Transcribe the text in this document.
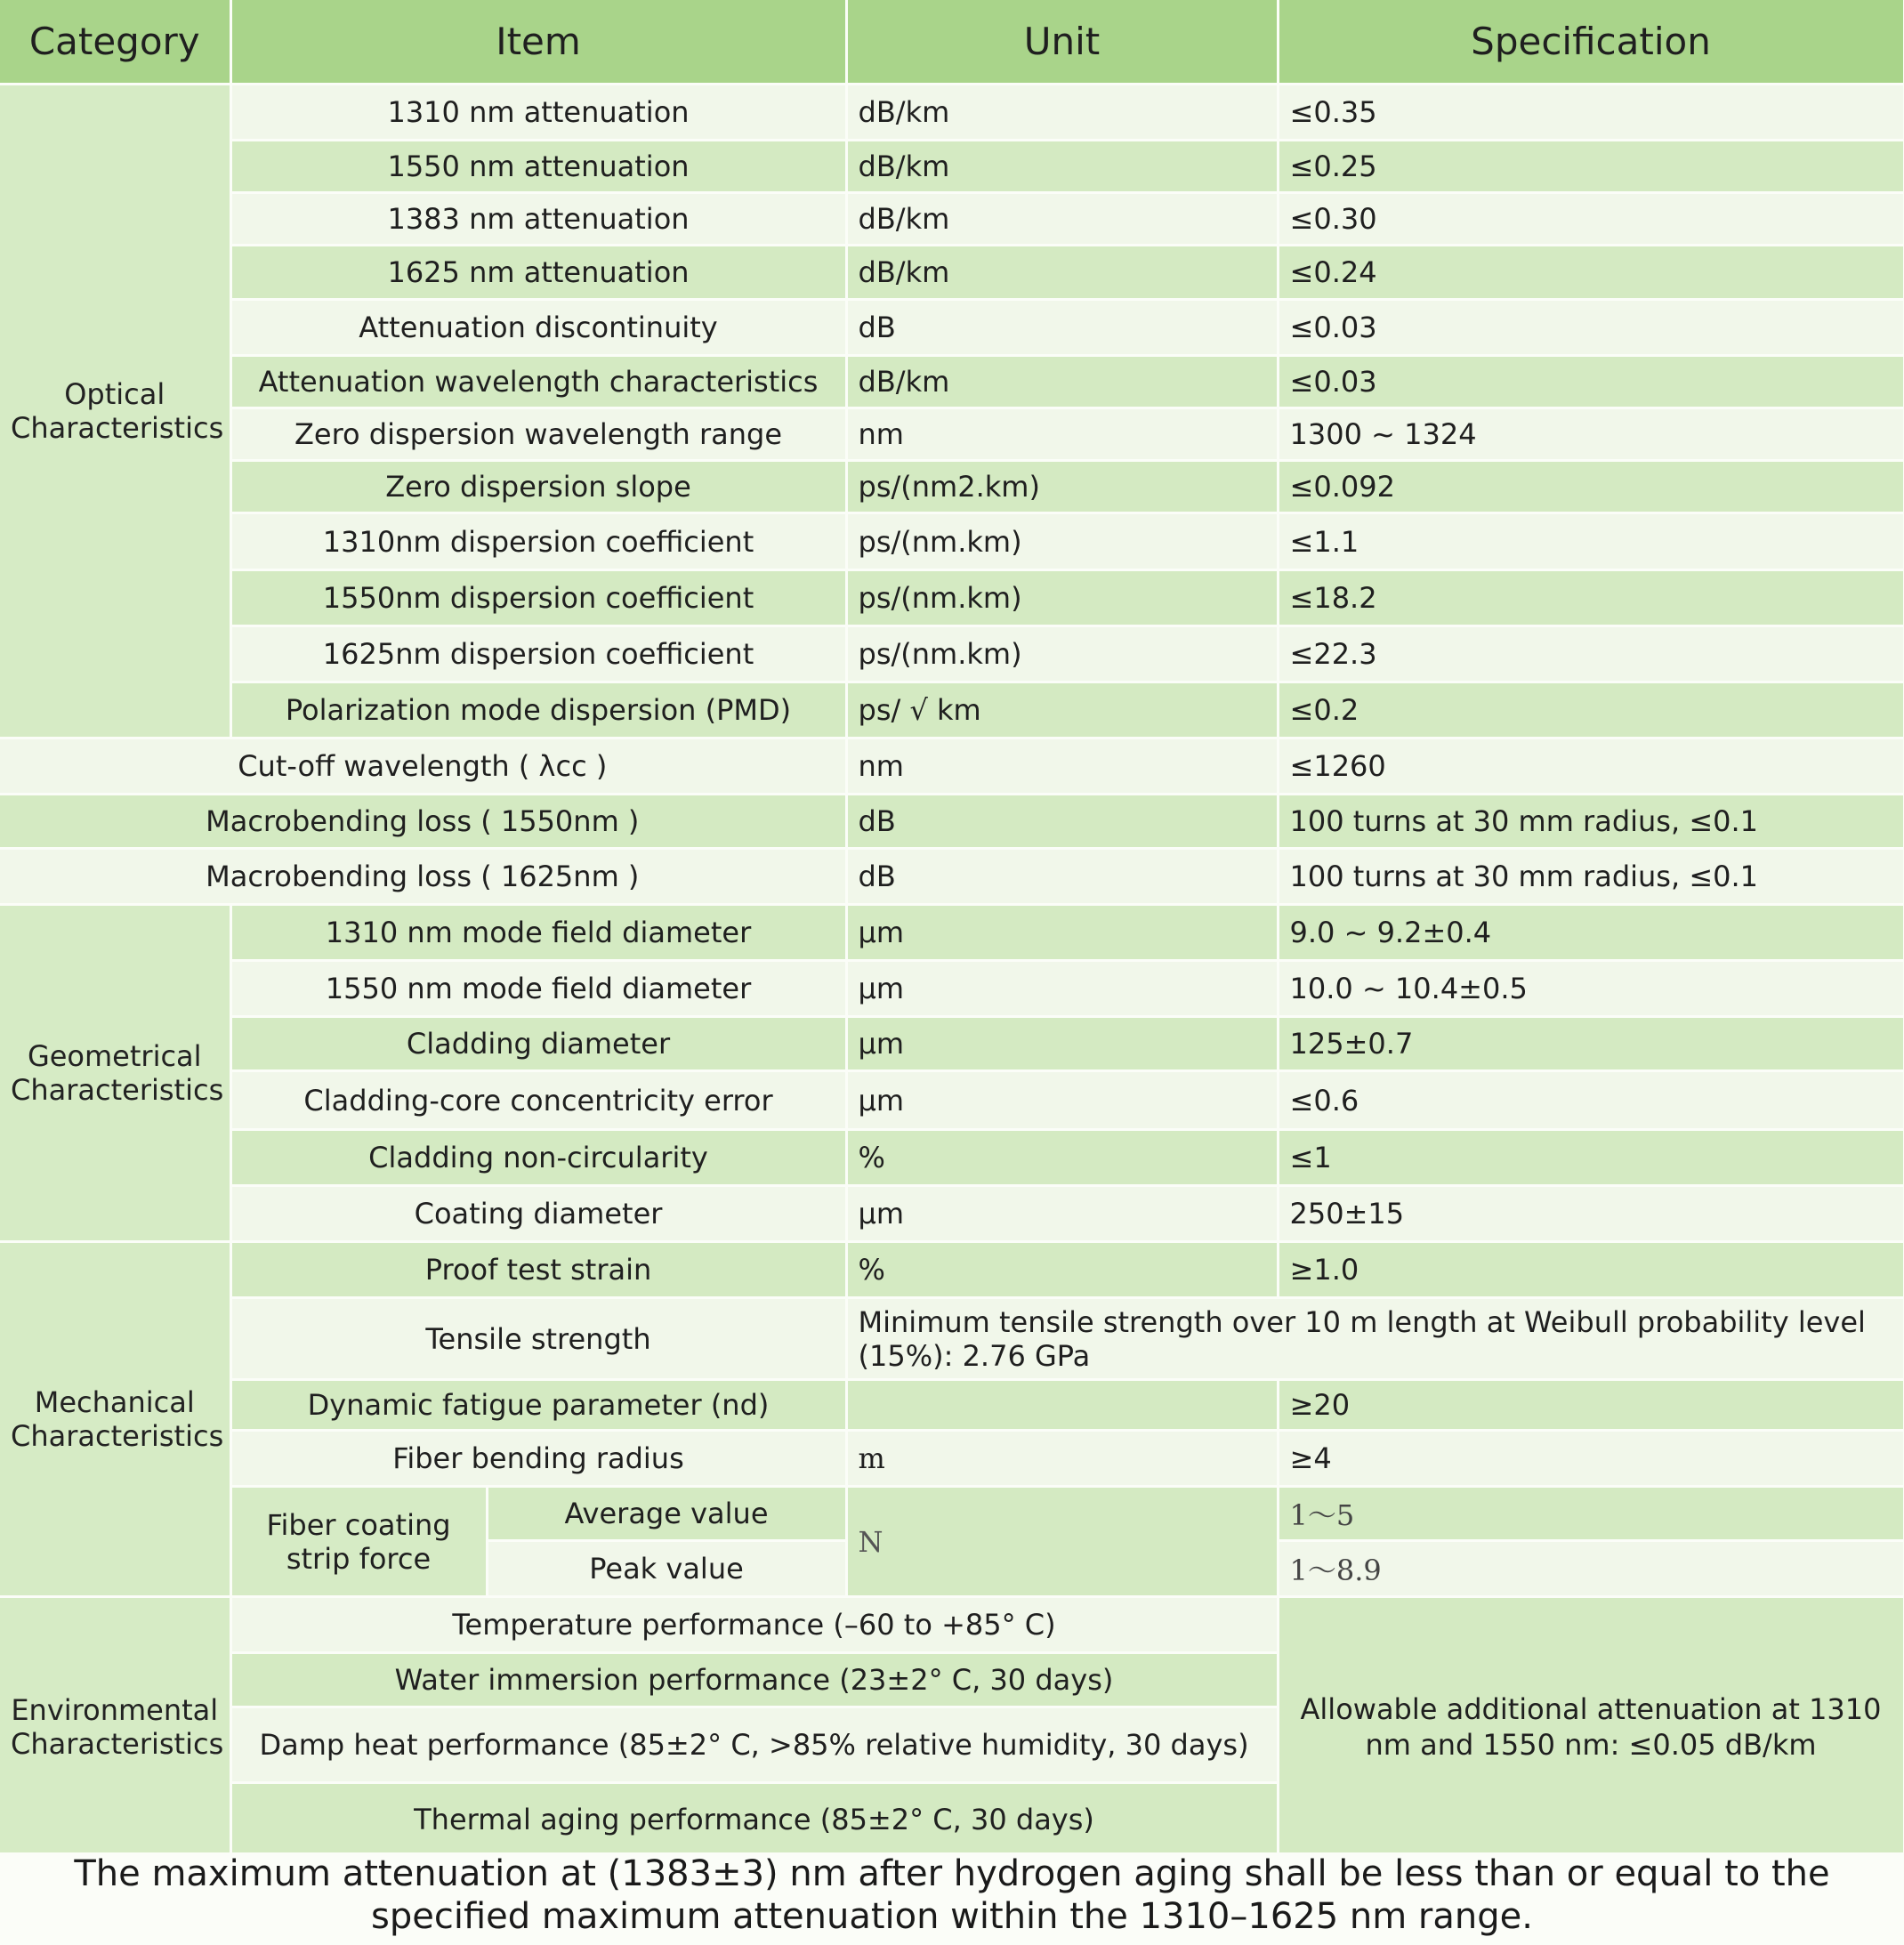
Category	Item		Unit	Specification
Optical Characteristics	1310 nm attenuation		dB/km	≤0.35
	1550 nm attenuation		dB/km	≤0.25
	1383 nm attenuation		dB/km	≤0.30
	1625 nm attenuation		dB/km	≤0.24
	Attenuation discontinuity		dB	≤0.03
	Attenuation wavelength characteristics		dB/km	≤0.03
	Zero dispersion wavelength range		nm	1300 ~ 1324
	Zero dispersion slope		ps/(nm2.km)	≤0.092
	1310nm dispersion coefficient		ps/(nm.km)	≤1.1
	1550nm dispersion coefficient		ps/(nm.km)	≤18.2
	1625nm dispersion coefficient		ps/(nm.km)	≤22.3
	Polarization mode dispersion (PMD)		ps/ √ km	≤0.2
Cut-off wavelength ( λcc )			nm	≤1260
Macrobending loss ( 1550nm )			dB	100 turns at 30 mm radius, ≤0.1
Macrobending loss ( 1625nm )			dB	100 turns at 30 mm radius, ≤0.1
Geometrical Characteristics	1310 nm mode field diameter		μm	9.0 ~ 9.2±0.4
	1550 nm mode field diameter		μm	10.0 ~ 10.4±0.5
	Cladding diameter		μm	125±0.7
	Cladding-core concentricity error		μm	≤0.6
	Cladding non-circularity		%	≤1
	Coating diameter		μm	250±15
Mechanical Characteristics	Proof test strain		%	≥1.0
	Tensile strength		Minimum tensile strength over 10 m length at Weibull probability level (15%): 2.76 GPa	
	Dynamic fatigue parameter (nd)			≥20
	Fiber bending radius		m	≥4
	Fiber coating strip force	Average value	N	1～5
		Peak value		1～8.9
Environmental Characteristics	Temperature performance (–60 to +85° C)			Allowable additional attenuation at 1310 nm and 1550 nm: ≤0.05 dB/km
	Water immersion performance (23±2° C, 30 days)			
	Damp heat performance (85±2° C, >85% relative humidity, 30 days)			
	Thermal aging performance (85±2° C, 30 days)			
The maximum attenuation at (1383±3) nm after hydrogen aging shall be less than or equal to the specified maximum attenuation within the 1310–1625 nm range.
